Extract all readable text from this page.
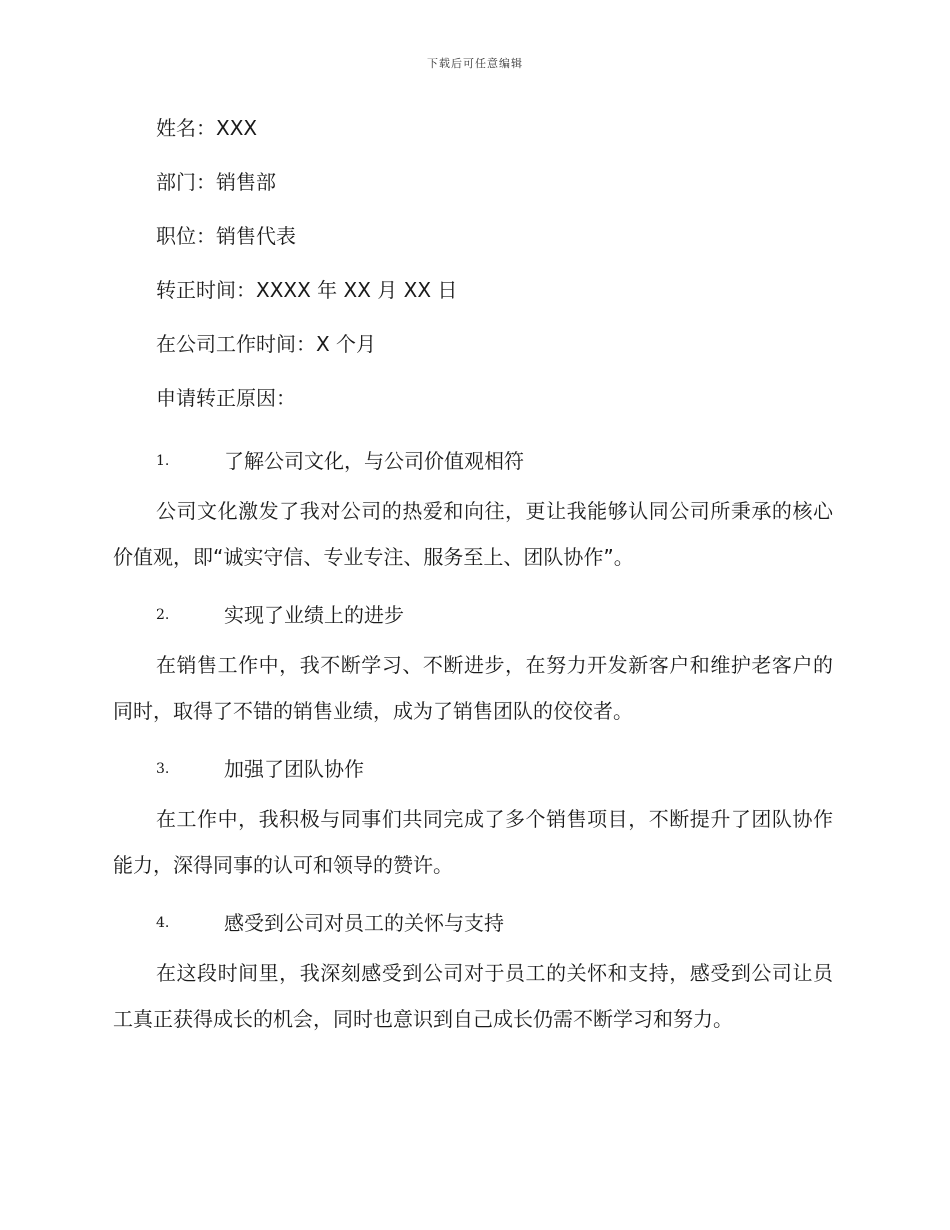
下载后可任意编辑
姓名：XXX
部门：销售部
职位：销售代表
转正时间：XXXX 年 XX 月 XX 日
在公司工作时间：X 个月
申请转正原因：
1.	了解公司文化，与公司价值观相符

公司文化激发了我对公司的热爱和向往，更让我能够认同公司所秉承的核心价值观，即“诚实守信、专业专注、服务至上、团队协作”。

2.	实现了业绩上的进步

在销售工作中，我不断学习、不断进步，在努力开发新客户和维护老客户的同时，取得了不错的销售业绩，成为了销售团队的佼佼者。

3.	加强了团队协作

在工作中，我积极与同事们共同完成了多个销售项目，不断提升了团队协作能力，深得同事的认可和领导的赞许。

4.	感受到公司对员工的关怀与支持

在这段时间里，我深刻感受到公司对于员工的关怀和支持，感受到公司让员工真正获得成长的机会，同时也意识到自己成长仍需不断学习和努力。
